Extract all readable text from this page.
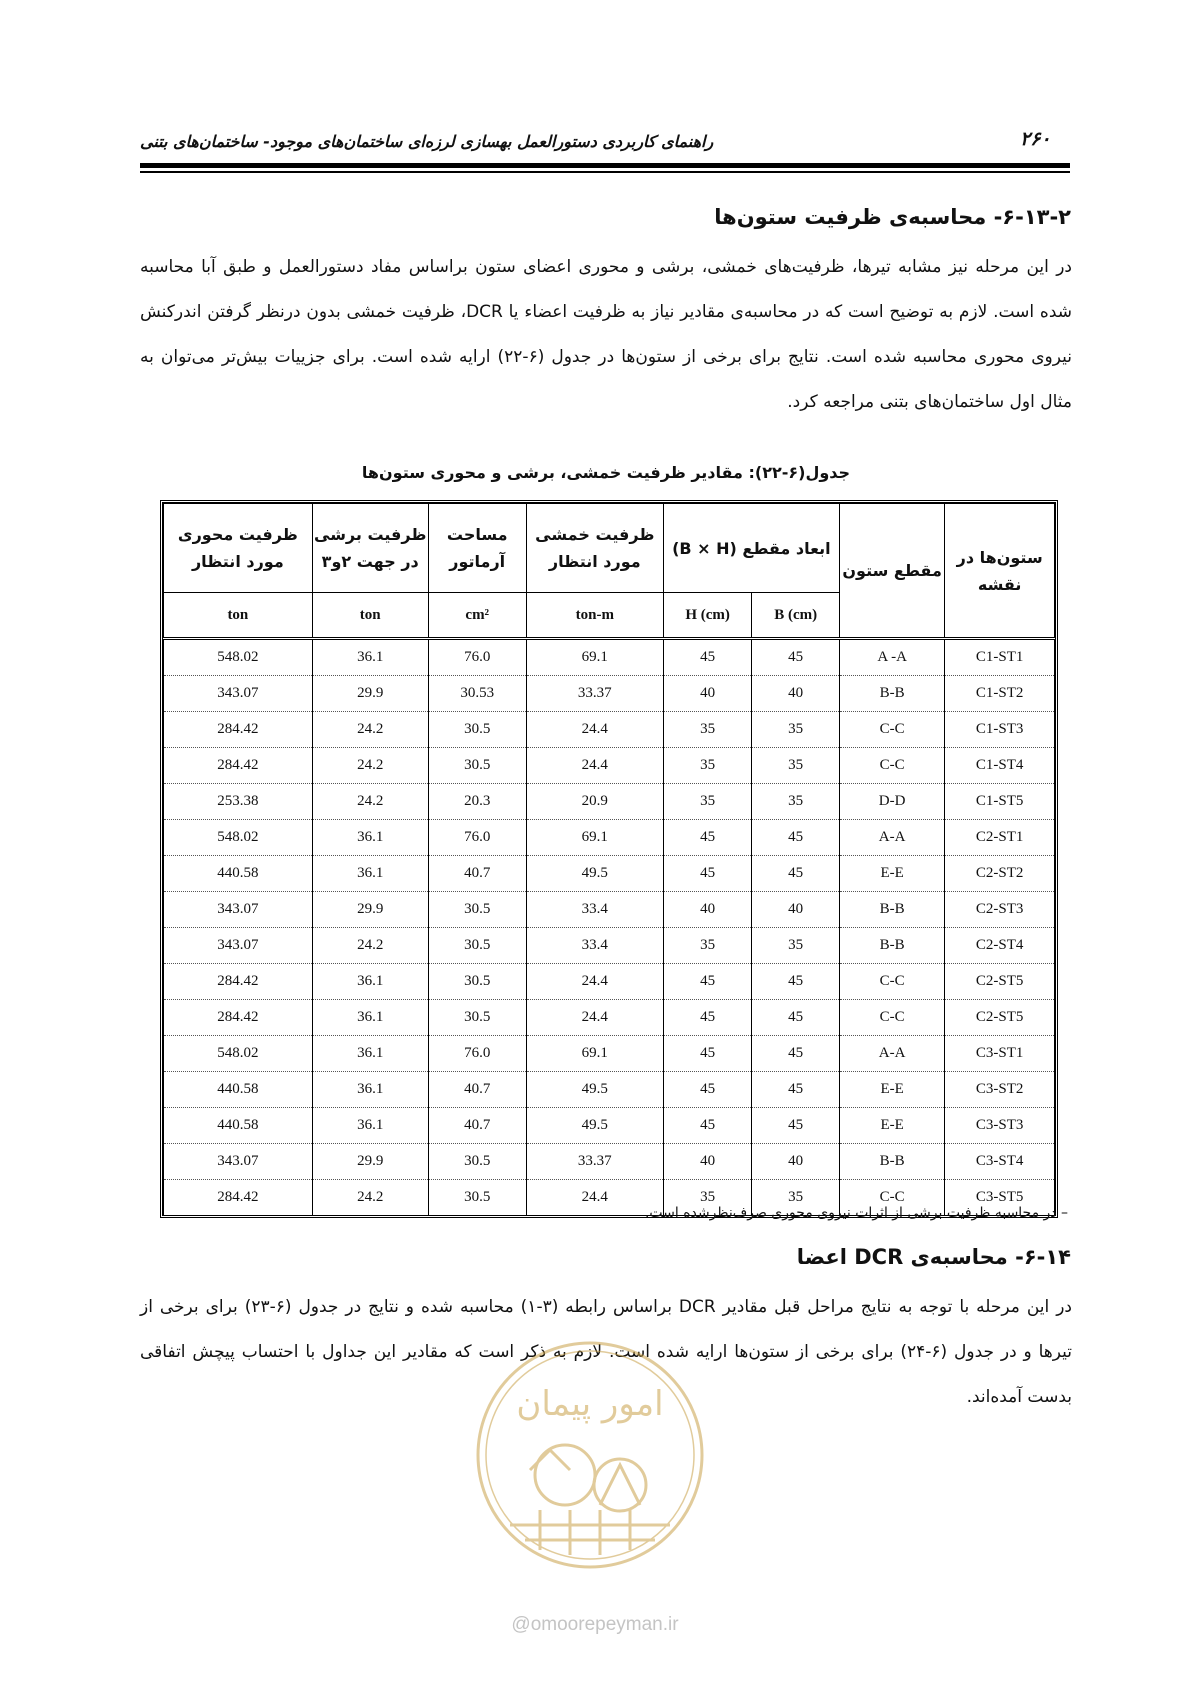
۲۶۰
راهنمای کاربردی دستورالعمل بهسازی لرزه‌ای ساختمان‌های موجود- ساختمان‌های بتنی
۶-۱۳-۲- محاسبه‌ی ظرفیت ستون‌ها

در این مرحله نیز مشابه تیرها، ظرفیت‌های خمشی، برشی و محوری اعضای ستون براساس مفاد دستورالعمل و طبق آبا محاسبه شده است. لازم به توضیح است که در محاسبه‌ی مقادیر نیاز به ظرفیت اعضاء یا DCR، ظرفیت خمشی بدون درنظر گرفتن اندرکنش نیروی محوری محاسبه شده است. نتایج برای برخی از ستون‌ها در جدول (۶-۲۲) ارایه شده است. برای جزییات بیش‌تر می‌توان به مثال اول ساختمان‌های بتنی مراجعه کرد.

جدول(۶-۲۲): مقادیر ظرفیت خمشی، برشی و محوری ستون‌ها
ستون‌ها در نقشه	مقطع ستون	ابعاد مقطع (B × H)		ظرفیت خمشی مورد انتظار	مساحت آرماتور	ظرفیت برشی در جهت ۲و۳	ظرفیت محوری مورد انتظار
		B (cm)	H (cm)	ton-m	cm²	ton	ton
C1-ST1	A -A	45	45	69.1	76.0	36.1	548.02
C1-ST2	B-B	40	40	33.37	30.53	29.9	343.07
C1-ST3	C-C	35	35	24.4	30.5	24.2	284.42
C1-ST4	C-C	35	35	24.4	30.5	24.2	284.42
C1-ST5	D-D	35	35	20.9	20.3	24.2	253.38
C2-ST1	A-A	45	45	69.1	76.0	36.1	548.02
C2-ST2	E-E	45	45	49.5	40.7	36.1	440.58
C2-ST3	B-B	40	40	33.4	30.5	29.9	343.07
C2-ST4	B-B	35	35	33.4	30.5	24.2	343.07
C2-ST5	C-C	45	45	24.4	30.5	36.1	284.42
C2-ST5	C-C	45	45	24.4	30.5	36.1	284.42
C3-ST1	A-A	45	45	69.1	76.0	36.1	548.02
C3-ST2	E-E	45	45	49.5	40.7	36.1	440.58
C3-ST3	E-E	45	45	49.5	40.7	36.1	440.58
C3-ST4	B-B	40	40	33.37	30.5	29.9	343.07
C3-ST5	C-C	35	35	24.4	30.5	24.2	284.42
– در محاسبه ظرفیت برشی از اثرات نیروی محوری صرف‌نظرشده است.
۶-۱۴- محاسبه‌ی DCR اعضا

در این مرحله با توجه به نتایج مراحل قبل مقادیر DCR براساس رابطه (۳-۱) محاسبه شده و نتایج در جدول (۶-۲۳) برای برخی از تیرها و در جدول (۶-۲۴) برای برخی از ستون‌ها ارایه شده است. لازم به ذکر است که مقادیر این جداول با احتساب پیچش اتفاقی بدست آمده‌اند.

امور پیمان
@omoorepeyman.ir
